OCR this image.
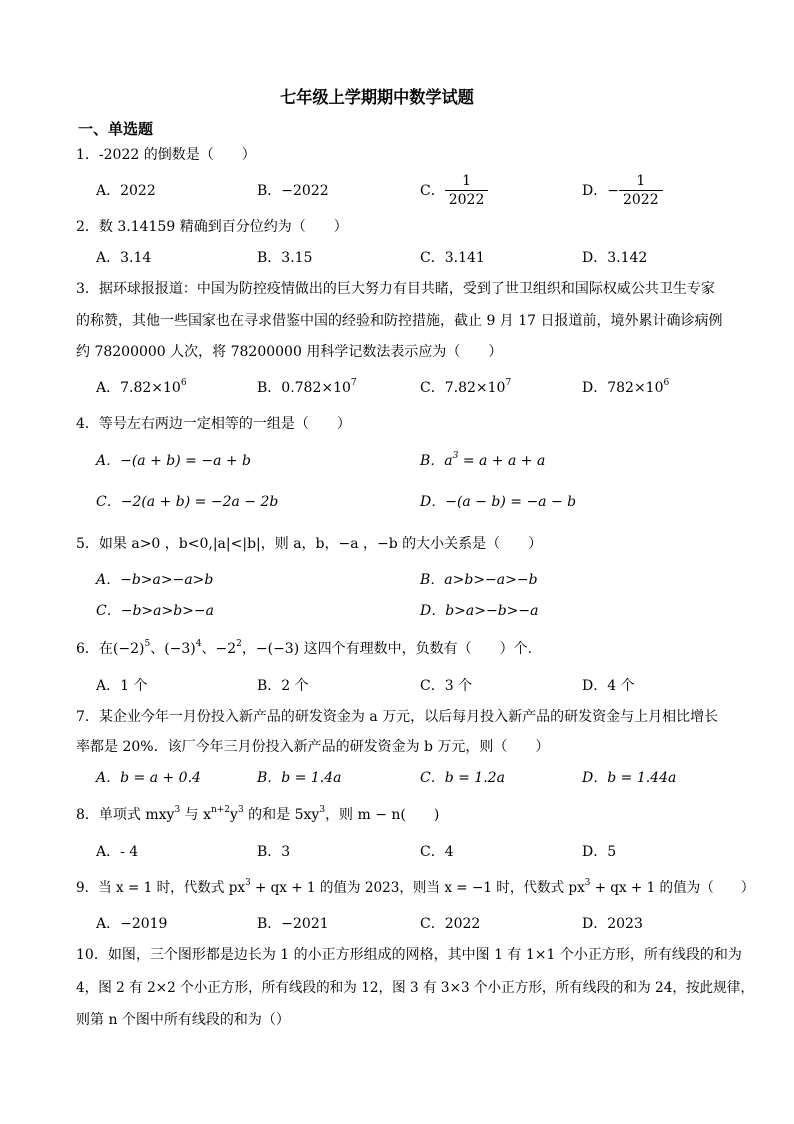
七年级上学期期中数学试题
一、单选题
1．-2022 的倒数是（　　）
A．2022	B．−2022	C． $\frac{1}{2022}$	D．− $\frac{1}{2022}$
2．数 3.14159 精确到百分位约为（　　）
A．3.14	B．3.15	C．3.141	D．3.142
3．据环球报报道：中国为防控疫情做出的巨大努力有目共睹，受到了世卫组织和国际权威公共卫生专家
的称赞，其他一些国家也在寻求借鉴中国的经验和防控措施，截止 9 月 17 日报道前，境外累计确诊病例
约 78200000 人次，将 78200000 用科学记数法表示应为（　　）
A．$7.82\times 10^6$	B．$0.782\times 10^7$	C．$7.82\times 10^7$	D．$782\times 10^6$
4．等号左右两边一定相等的一组是（　　）
A．−(a + b) = −a + b	B．$a^3 = a + a + a$
C．−2(a + b) = −2a − 2b	D．−(a − b) = −a − b
5．如果 a>0 ，b<0,|a|<|b|，则 a，b，−a ，−b 的大小关系是（　　）
A．−b>a>−a>b	B．a>b>−a>−b
C．−b>a>b>−a	D．b>a>−b>−a
6．在$(-2)^5$、$(-3)^4$、$-2^2$，−(−3) 这四个有理数中，负数有（　　）个.
A．1 个	B．2 个	C．3 个	D．4 个
7．某企业今年一月份投入新产品的研发资金为 a 万元，以后每月投入新产品的研发资金与上月相比增长
率都是 20%．该厂今年三月份投入新产品的研发资金为 b 万元，则（　　）
A．b = a + 0.4	B．b = 1.4a	C．b = 1.2a	D．b = 1.44a
8．单项式 mxy$^3$ 与 $x^{n+2}y^3$ 的和是 $5xy^3$，则 m − n(　　)
A．- 4	B．3	C．4	D．5
9．当 x = 1 时，代数式 $px^3$ + qx + 1 的值为 2023，则当 x = −1 时，代数式 $px^3$ + qx + 1 的值为（　　）
A．−2019	B．−2021	C．2022	D．2023
10．如图，三个图形都是边长为 1 的小正方形组成的网格，其中图 1 有 1×1 个小正方形，所有线段的和为
4，图 2 有 2×2 个小正方形，所有线段的和为 12，图 3 有 3×3 个小正方形，所有线段的和为 24，按此规律，
则第 n 个图中所有线段的和为（）
